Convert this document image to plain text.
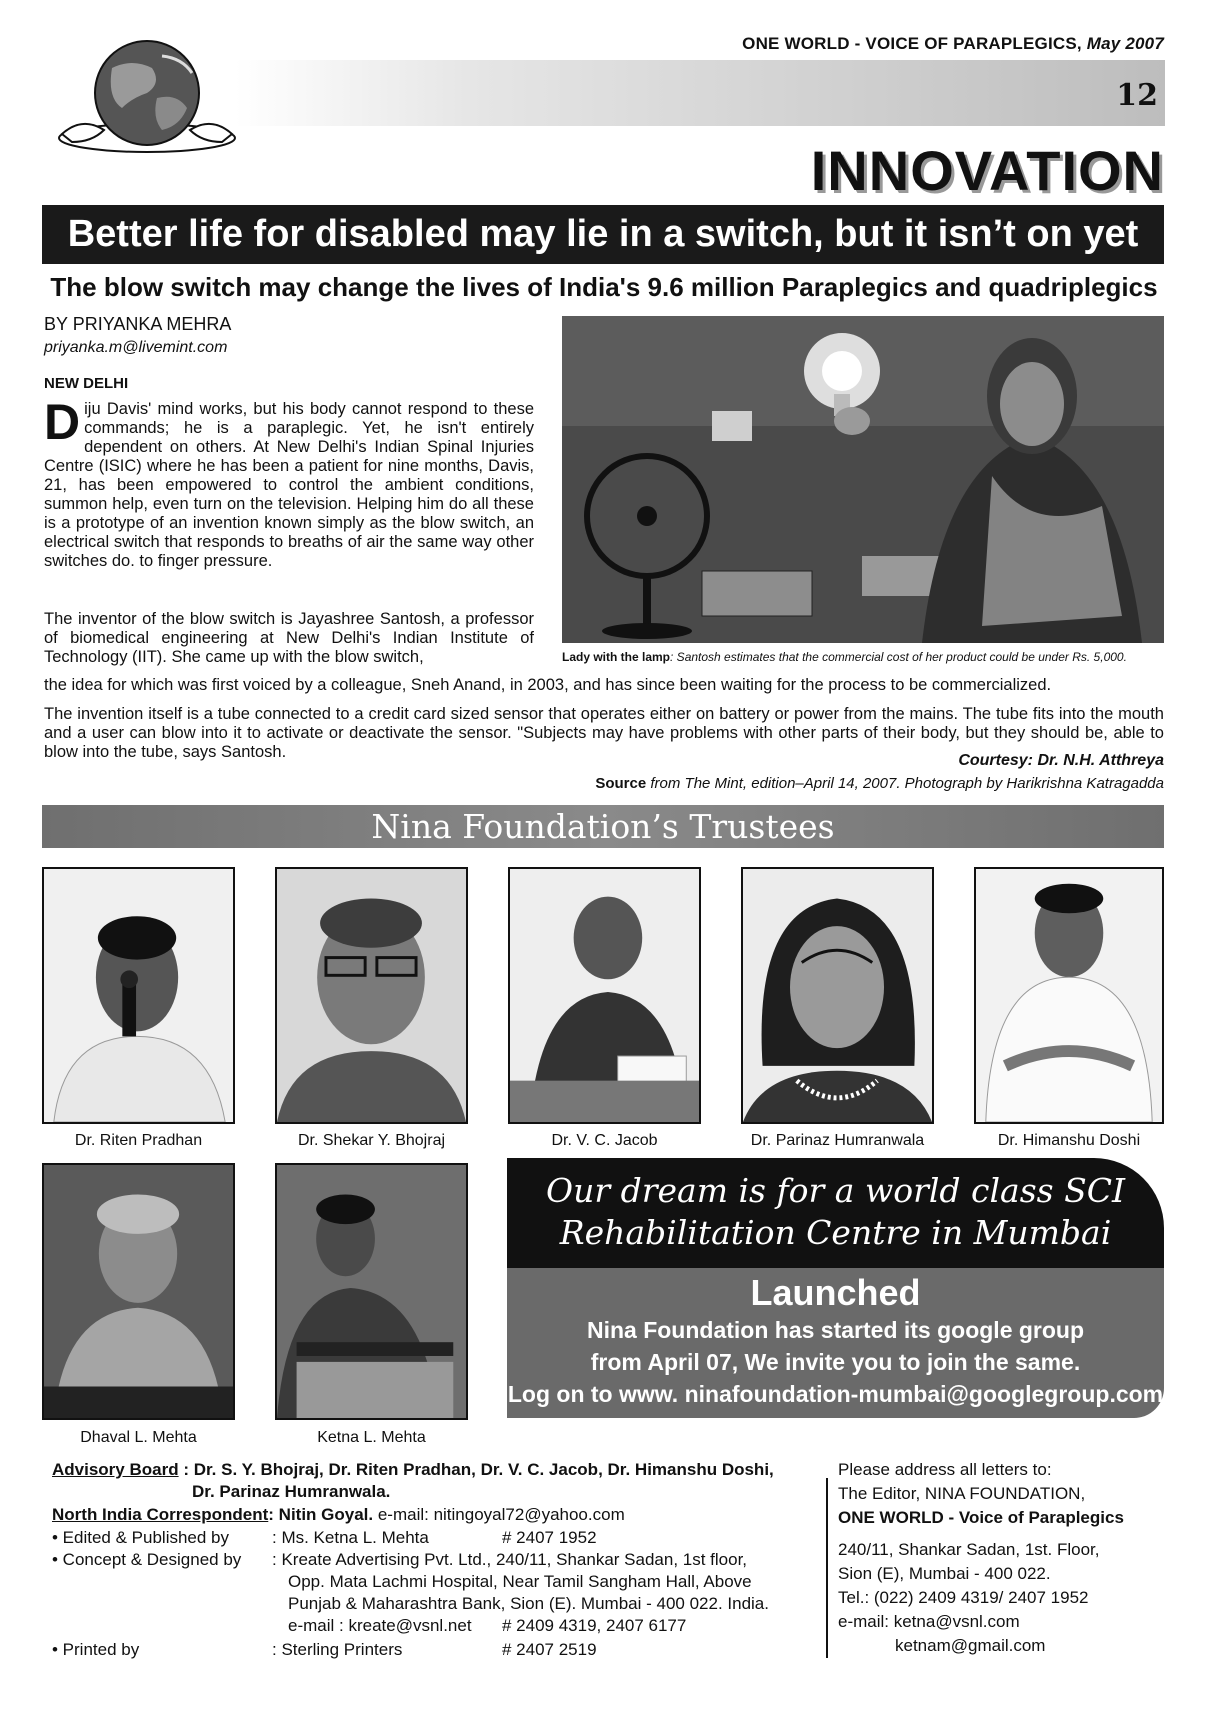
ONE WORLD - VOICE OF PARAPLEGICS, May 2007
12
INNOVATION
Better life for disabled may lie in a switch, but it isn’t on yet
The blow switch may change the lives of India's 9.6 million Paraplegics and quadriplegics
BY PRIYANKA MEHRA
priyanka.m@livemint.com
NEW DELHI
Diju Davis' mind works, but his body cannot respond to these commands; he is a paraplegic. Yet, he isn't entirely dependent on others. At New Delhi's Indian Spinal Injuries Centre (ISIC) where he has been a patient for nine months, Davis, 21, has been empowered to control the ambient conditions, summon help, even turn on the television. Helping him do all these is a prototype of an invention known simply as the blow switch, an electrical switch that responds to breaths of air the same way other switches do. to finger pressure.
The inventor of the blow switch is Jayashree Santosh, a professor of biomedical engineering at New Delhi's Indian Institute of Technology (IIT). She came up with the blow switch,
the idea for which was first voiced by a colleague, Sneh Anand, in 2003, and has since been waiting for the process to be commercialized.
The invention itself is a tube connected to a credit card sized sensor that operates either on battery or power from the mains. The tube fits into the mouth and a user can blow into it to activate or deactivate the sensor. "Subjects may have problems with other parts of their body, but they should be, able to blow into the tube, says Santosh.	Courtesy: Dr. N.H. Atthreya
Source from The Mint, edition–April 14, 2007. Photograph by Harikrishna Katragadda
Lady with the lamp: Santosh estimates that the commercial cost of her product could be under Rs. 5,000.
Nina Foundation’s Trustees
Dr. Riten Pradhan	Dr. Shekar Y. Bhojraj	Dr. V. C. Jacob	Dr. Parinaz Humranwala	Dr. Himanshu Doshi
Dhaval L. Mehta	Ketna L. Mehta
Our dream is for a world class SCI
Rehabilitation Centre in Mumbai
Launched
Nina Foundation has started its google group
from April 07, We invite you to join the same.
Log on to www. ninafoundation-mumbai@googlegroup.com
Advisory Board : Dr. S. Y. Bhojraj, Dr. Riten Pradhan, Dr. V. C. Jacob, Dr. Himanshu Doshi,
Dr. Parinaz Humranwala.
North India Correspondent: Nitin Goyal. e-mail: nitingoyal72@yahoo.com
• Edited & Published by	: Ms. Ketna L. Mehta	# 2407 1952
• Concept & Designed by : Kreate Advertising Pvt. Ltd., 240/11, Shankar Sadan, 1st floor,
Opp. Mata Lachmi Hospital, Near Tamil Sangham Hall, Above
Punjab & Maharashtra Bank, Sion (E). Mumbai - 400 022. India.
e-mail : kreate@vsnl.net # 2409 4319, 2407 6177
• Printed by	: Sterling Printers	# 2407 2519
Please address all letters to:
The Editor, NINA FOUNDATION,
ONE WORLD - Voice of Paraplegics
240/11, Shankar Sadan, 1st. Floor,
Sion (E), Mumbai - 400 022.
Tel.: (022) 2409 4319/ 2407 1952
e-mail: ketna@vsnl.com
ketnam@gmail.com
